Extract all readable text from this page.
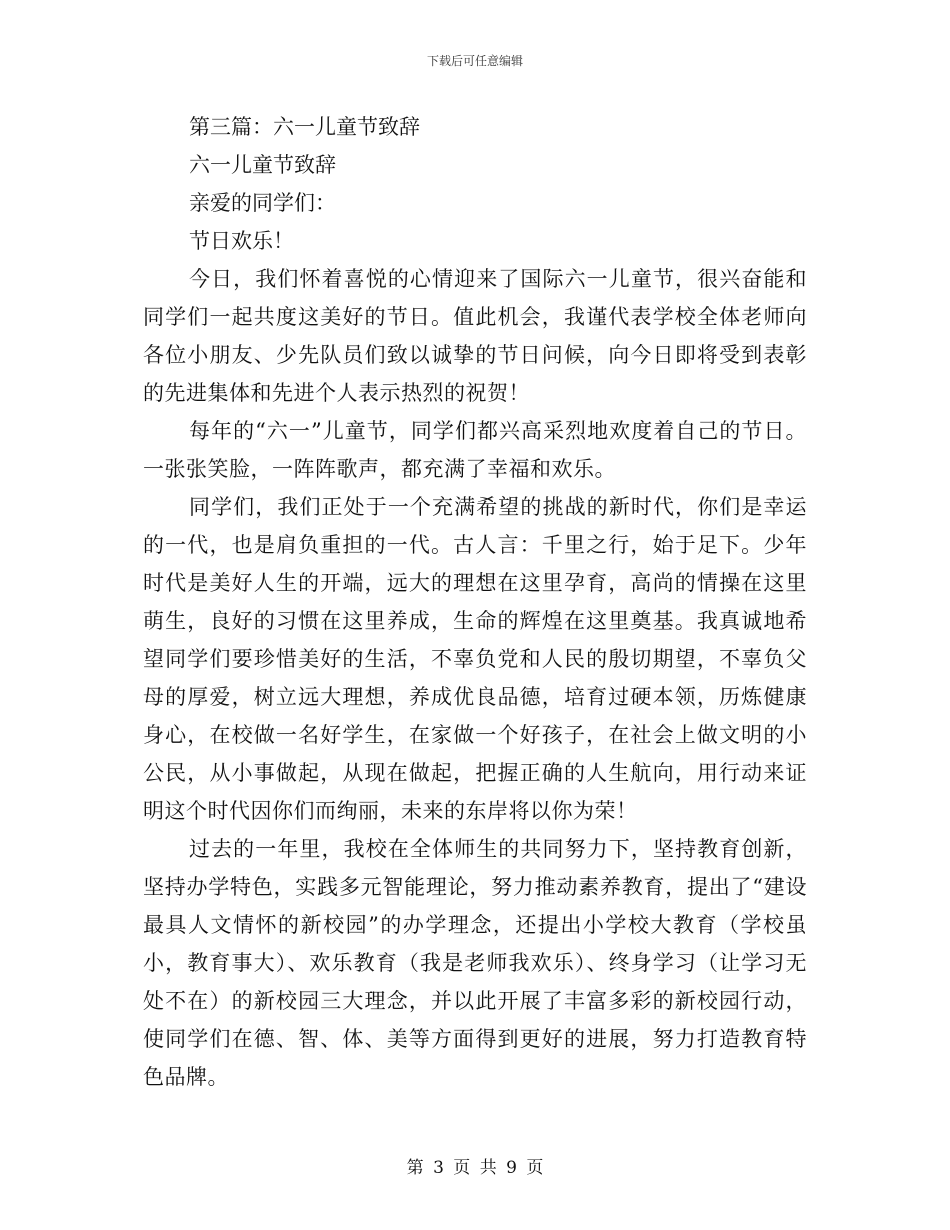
下载后可任意编辑
第三篇：六一儿童节致辞
六一儿童节致辞
亲爱的同学们：
节日欢乐！

今日，我们怀着喜悦的心情迎来了国际六一儿童节，很兴奋能和同学们一起共度这美好的节日。值此机会，我谨代表学校全体老师向各位小朋友、少先队员们致以诚挚的节日问候，向今日即将受到表彰的先进集体和先进个人表示热烈的祝贺！

每年的“六一”儿童节，同学们都兴高采烈地欢度着自己的节日。一张张笑脸，一阵阵歌声，都充满了幸福和欢乐。

同学们，我们正处于一个充满希望的挑战的新时代，你们是幸运的一代，也是肩负重担的一代。古人言：千里之行，始于足下。少年时代是美好人生的开端，远大的理想在这里孕育，高尚的情操在这里萌生，良好的习惯在这里养成，生命的辉煌在这里奠基。我真诚地希望同学们要珍惜美好的生活，不辜负党和人民的殷切期望，不辜负父母的厚爱，树立远大理想，养成优良品德，培育过硬本领，历炼健康身心，在校做一名好学生，在家做一个好孩子，在社会上做文明的小公民，从小事做起，从现在做起，把握正确的人生航向，用行动来证明这个时代因你们而绚丽，未来的东岸将以你为荣！

过去的一年里，我校在全体师生的共同努力下，坚持教育创新，坚持办学特色，实践多元智能理论，努力推动素养教育，提出了“建设最具人文情怀的新校园”的办学理念，还提出小学校大教育（学校虽小，教育事大）、欢乐教育（我是老师我欢乐）、终身学习（让学习无处不在）的新校园三大理念，并以此开展了丰富多彩的新校园行动，使同学们在德、智、体、美等方面得到更好的进展，努力打造教育特色品牌。

第 3 页 共 9 页
